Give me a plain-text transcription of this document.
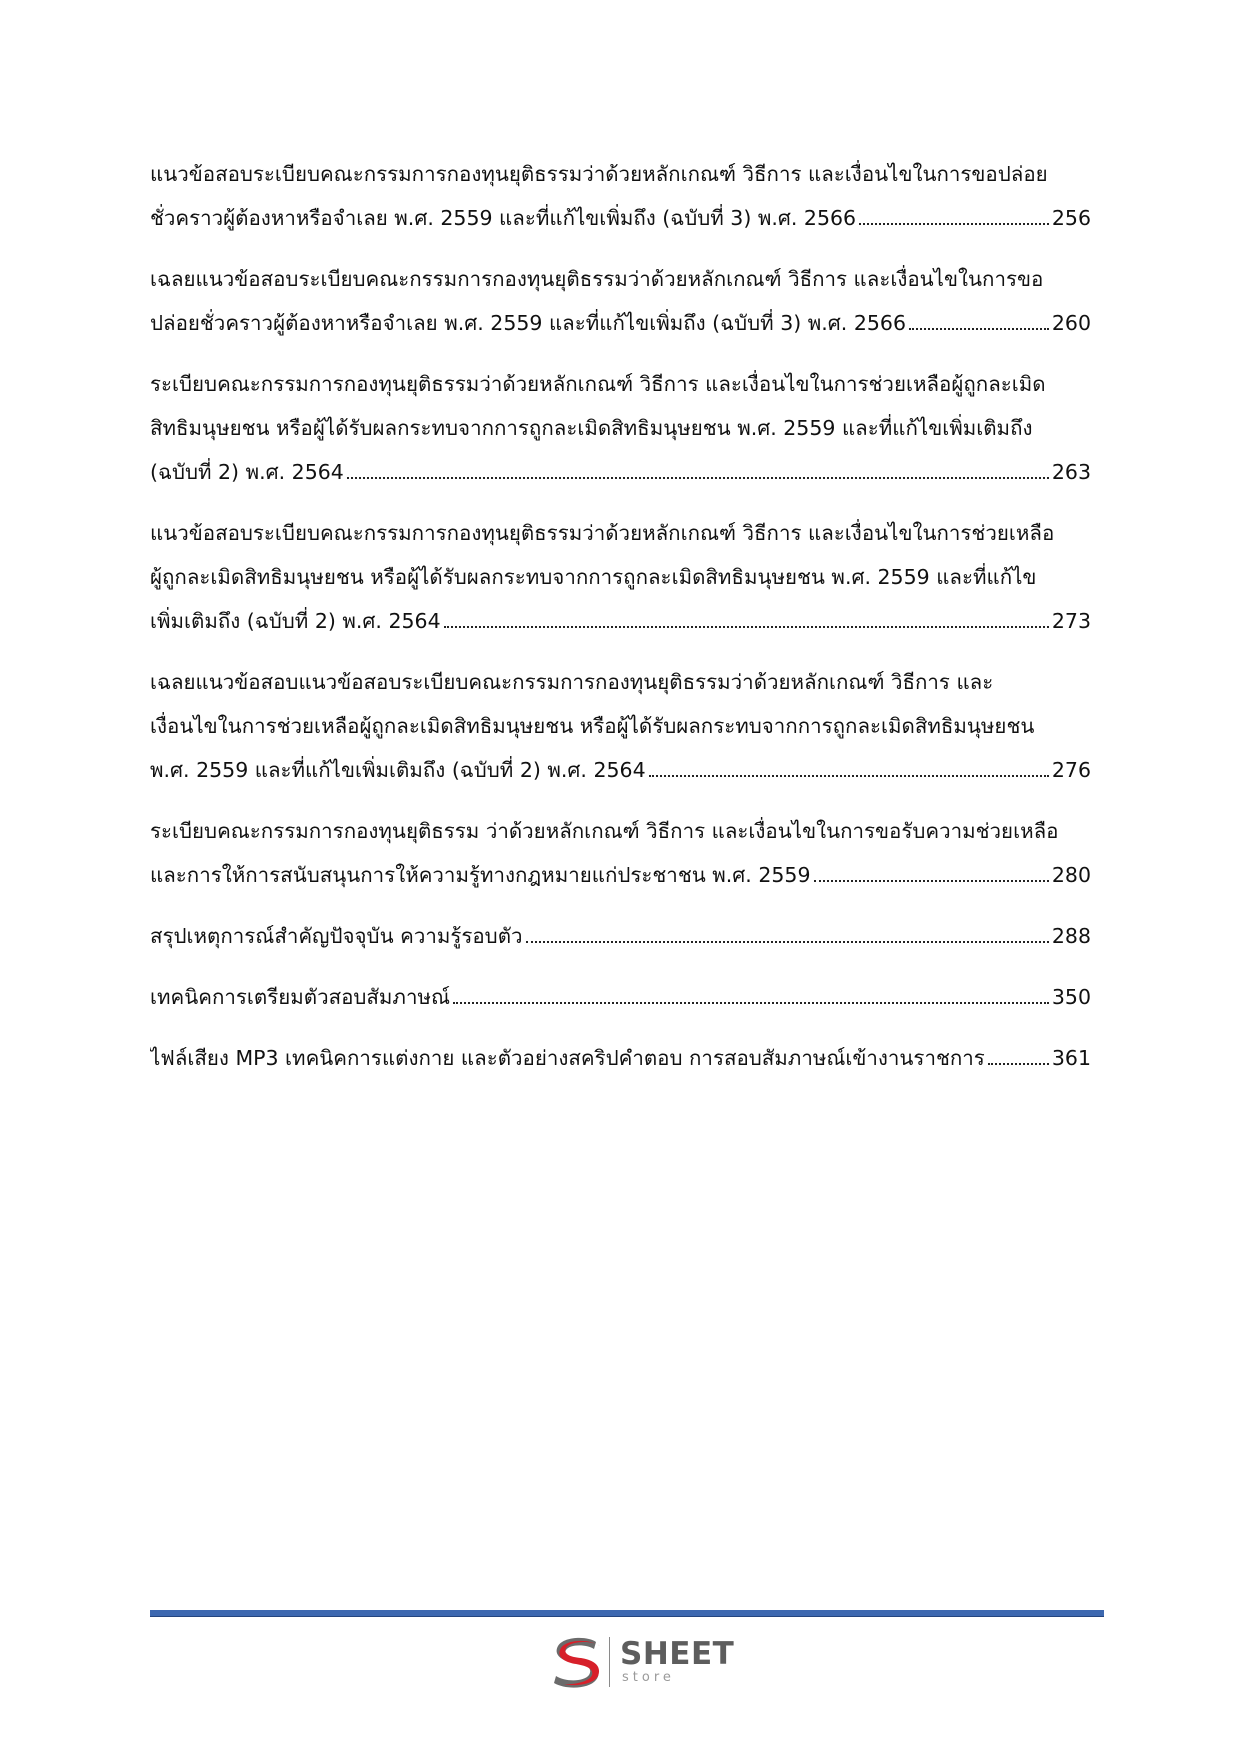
แนวข้อสอบระเบียบคณะกรรมการกองทุนยุติธรรมว่าด้วยหลักเกณฑ์ วิธีการ และเงื่อนไขในการขอปล่อย
ชั่วคราวผู้ต้องหาหรือจำเลย พ.ศ. 2559 และที่แก้ไขเพิ่มถึง (ฉบับที่ 3) พ.ศ. 2566	256
เฉลยแนวข้อสอบระเบียบคณะกรรมการกองทุนยุติธรรมว่าด้วยหลักเกณฑ์ วิธีการ และเงื่อนไขในการขอ
ปล่อยชั่วคราวผู้ต้องหาหรือจำเลย พ.ศ. 2559 และที่แก้ไขเพิ่มถึง (ฉบับที่ 3) พ.ศ. 2566	260
ระเบียบคณะกรรมการกองทุนยุติธรรมว่าด้วยหลักเกณฑ์ วิธีการ และเงื่อนไขในการช่วยเหลือผู้ถูกละเมิด
สิทธิมนุษยชน หรือผู้ได้รับผลกระทบจากการถูกละเมิดสิทธิมนุษยชน พ.ศ. 2559 และที่แก้ไขเพิ่มเติมถึง
(ฉบับที่ 2) พ.ศ. 2564	263
แนวข้อสอบระเบียบคณะกรรมการกองทุนยุติธรรมว่าด้วยหลักเกณฑ์ วิธีการ และเงื่อนไขในการช่วยเหลือ
ผู้ถูกละเมิดสิทธิมนุษยชน หรือผู้ได้รับผลกระทบจากการถูกละเมิดสิทธิมนุษยชน พ.ศ. 2559 และที่แก้ไข
เพิ่มเติมถึง (ฉบับที่ 2) พ.ศ. 2564	273
เฉลยแนวข้อสอบแนวข้อสอบระเบียบคณะกรรมการกองทุนยุติธรรมว่าด้วยหลักเกณฑ์ วิธีการ และ
เงื่อนไขในการช่วยเหลือผู้ถูกละเมิดสิทธิมนุษยชน หรือผู้ได้รับผลกระทบจากการถูกละเมิดสิทธิมนุษยชน
พ.ศ. 2559 และที่แก้ไขเพิ่มเติมถึง (ฉบับที่ 2) พ.ศ. 2564	276
ระเบียบคณะกรรมการกองทุนยุติธรรม ว่าด้วยหลักเกณฑ์ วิธีการ และเงื่อนไขในการขอรับความช่วยเหลือ
และการให้การสนับสนุนการให้ความรู้ทางกฎหมายแก่ประชาชน พ.ศ. 2559	280
สรุปเหตุการณ์สำคัญปัจจุบัน ความรู้รอบตัว	288
เทคนิคการเตรียมตัวสอบสัมภาษณ์	350
ไฟล์เสียง MP3 เทคนิคการแต่งกาย และตัวอย่างสคริปคำตอบ การสอบสัมภาษณ์เข้างานราชการ	361
SHEET
store
